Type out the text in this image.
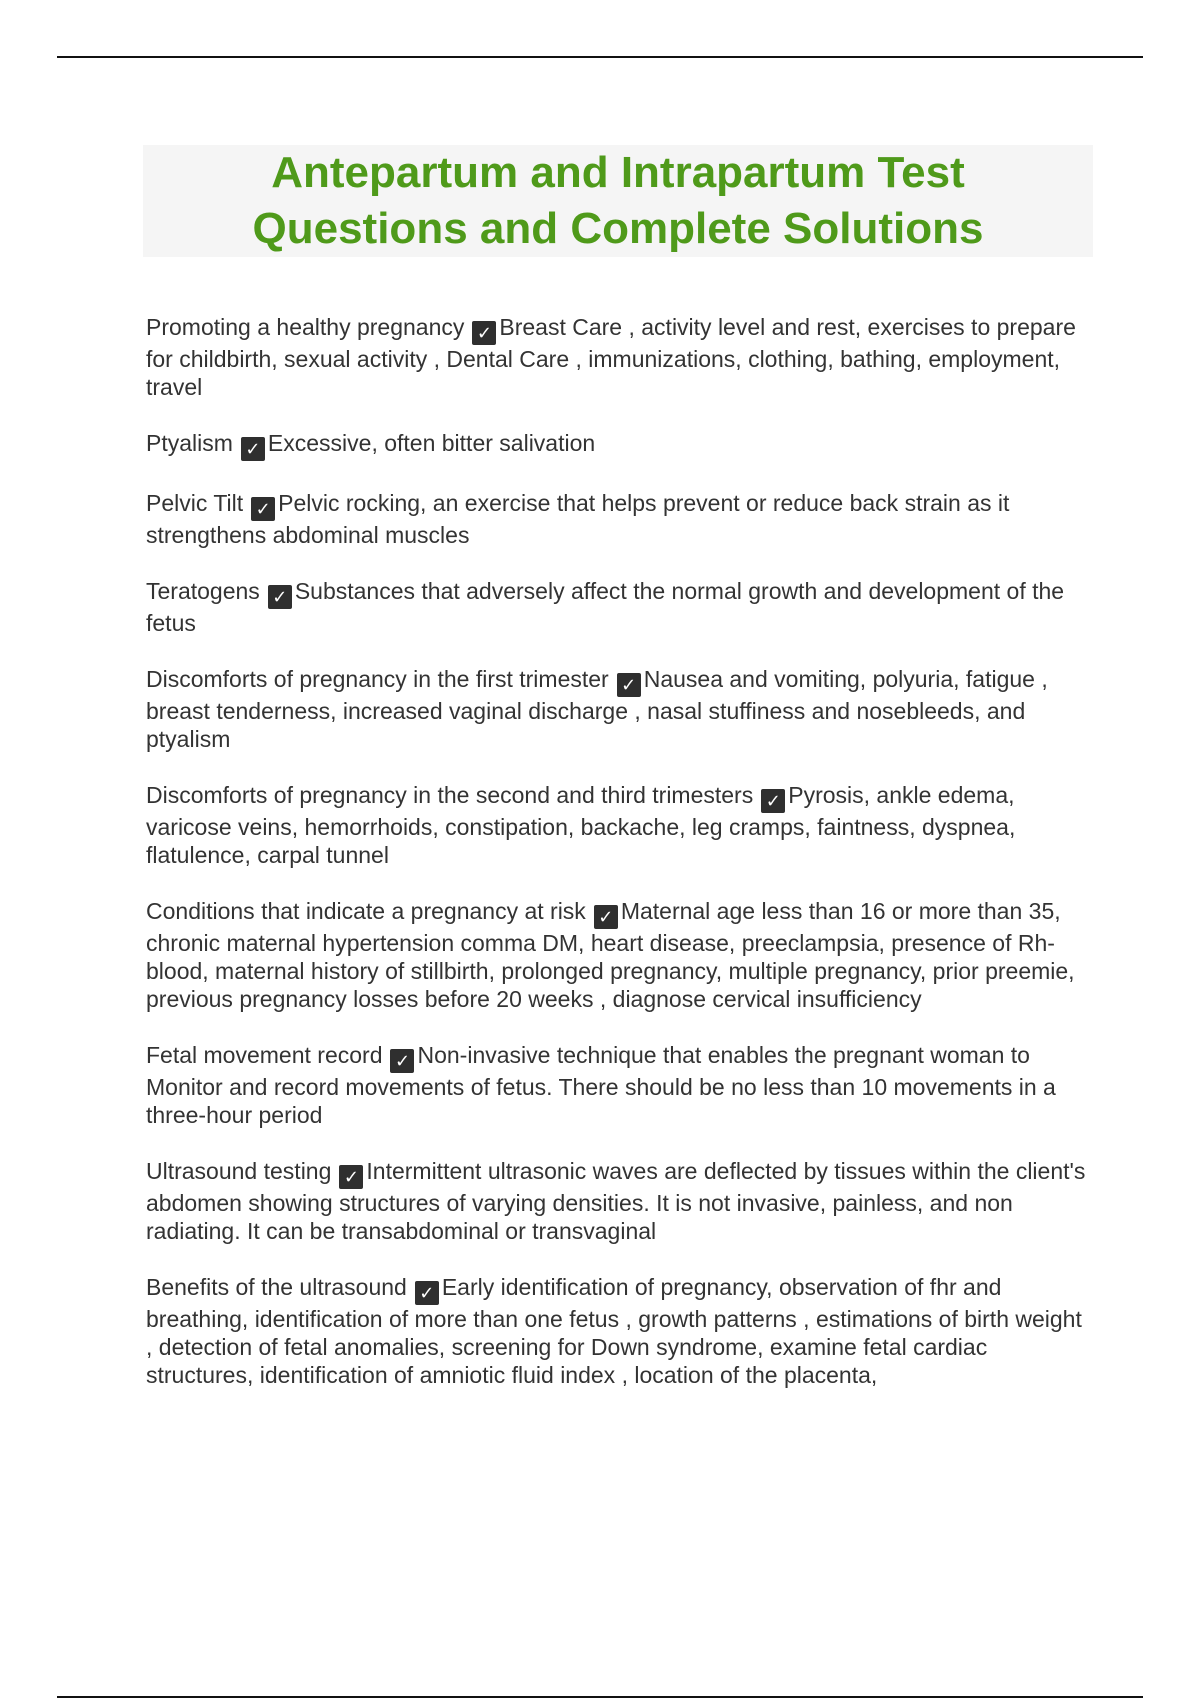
Antepartum and Intrapartum Test
Questions and Complete Solutions

Promoting a healthy pregnancy ✓ Breast Care , activity level and rest, exercises to prepare for childbirth, sexual activity , Dental Care , immunizations, clothing, bathing, employment, travel

Ptyalism ✓ Excessive, often bitter salivation

Pelvic Tilt ✓ Pelvic rocking, an exercise that helps prevent or reduce back strain as it strengthens abdominal muscles

Teratogens ✓ Substances that adversely affect the normal growth and development of the fetus

Discomforts of pregnancy in the first trimester ✓ Nausea and vomiting, polyuria, fatigue , breast tenderness, increased vaginal discharge , nasal stuffiness and nosebleeds, and ptyalism

Discomforts of pregnancy in the second and third trimesters ✓ Pyrosis, ankle edema, varicose veins, hemorrhoids, constipation, backache, leg cramps, faintness, dyspnea, flatulence, carpal tunnel

Conditions that indicate a pregnancy at risk ✓ Maternal age less than 16 or more than 35, chronic maternal hypertension comma DM, heart disease, preeclampsia, presence of Rh- blood, maternal history of stillbirth, prolonged pregnancy, multiple pregnancy, prior preemie, previous pregnancy losses before 20 weeks , diagnose cervical insufficiency

Fetal movement record ✓ Non-invasive technique that enables the pregnant woman to Monitor and record movements of fetus. There should be no less than 10 movements in a three-hour period

Ultrasound testing ✓ Intermittent ultrasonic waves are deflected by tissues within the client's abdomen showing structures of varying densities. It is not invasive, painless, and non radiating. It can be transabdominal or transvaginal

Benefits of the ultrasound ✓ Early identification of pregnancy, observation of fhr and breathing, identification of more than one fetus , growth patterns , estimations of birth weight , detection of fetal anomalies, screening for Down syndrome, examine fetal cardiac structures, identification of amniotic fluid index , location of the placenta,
